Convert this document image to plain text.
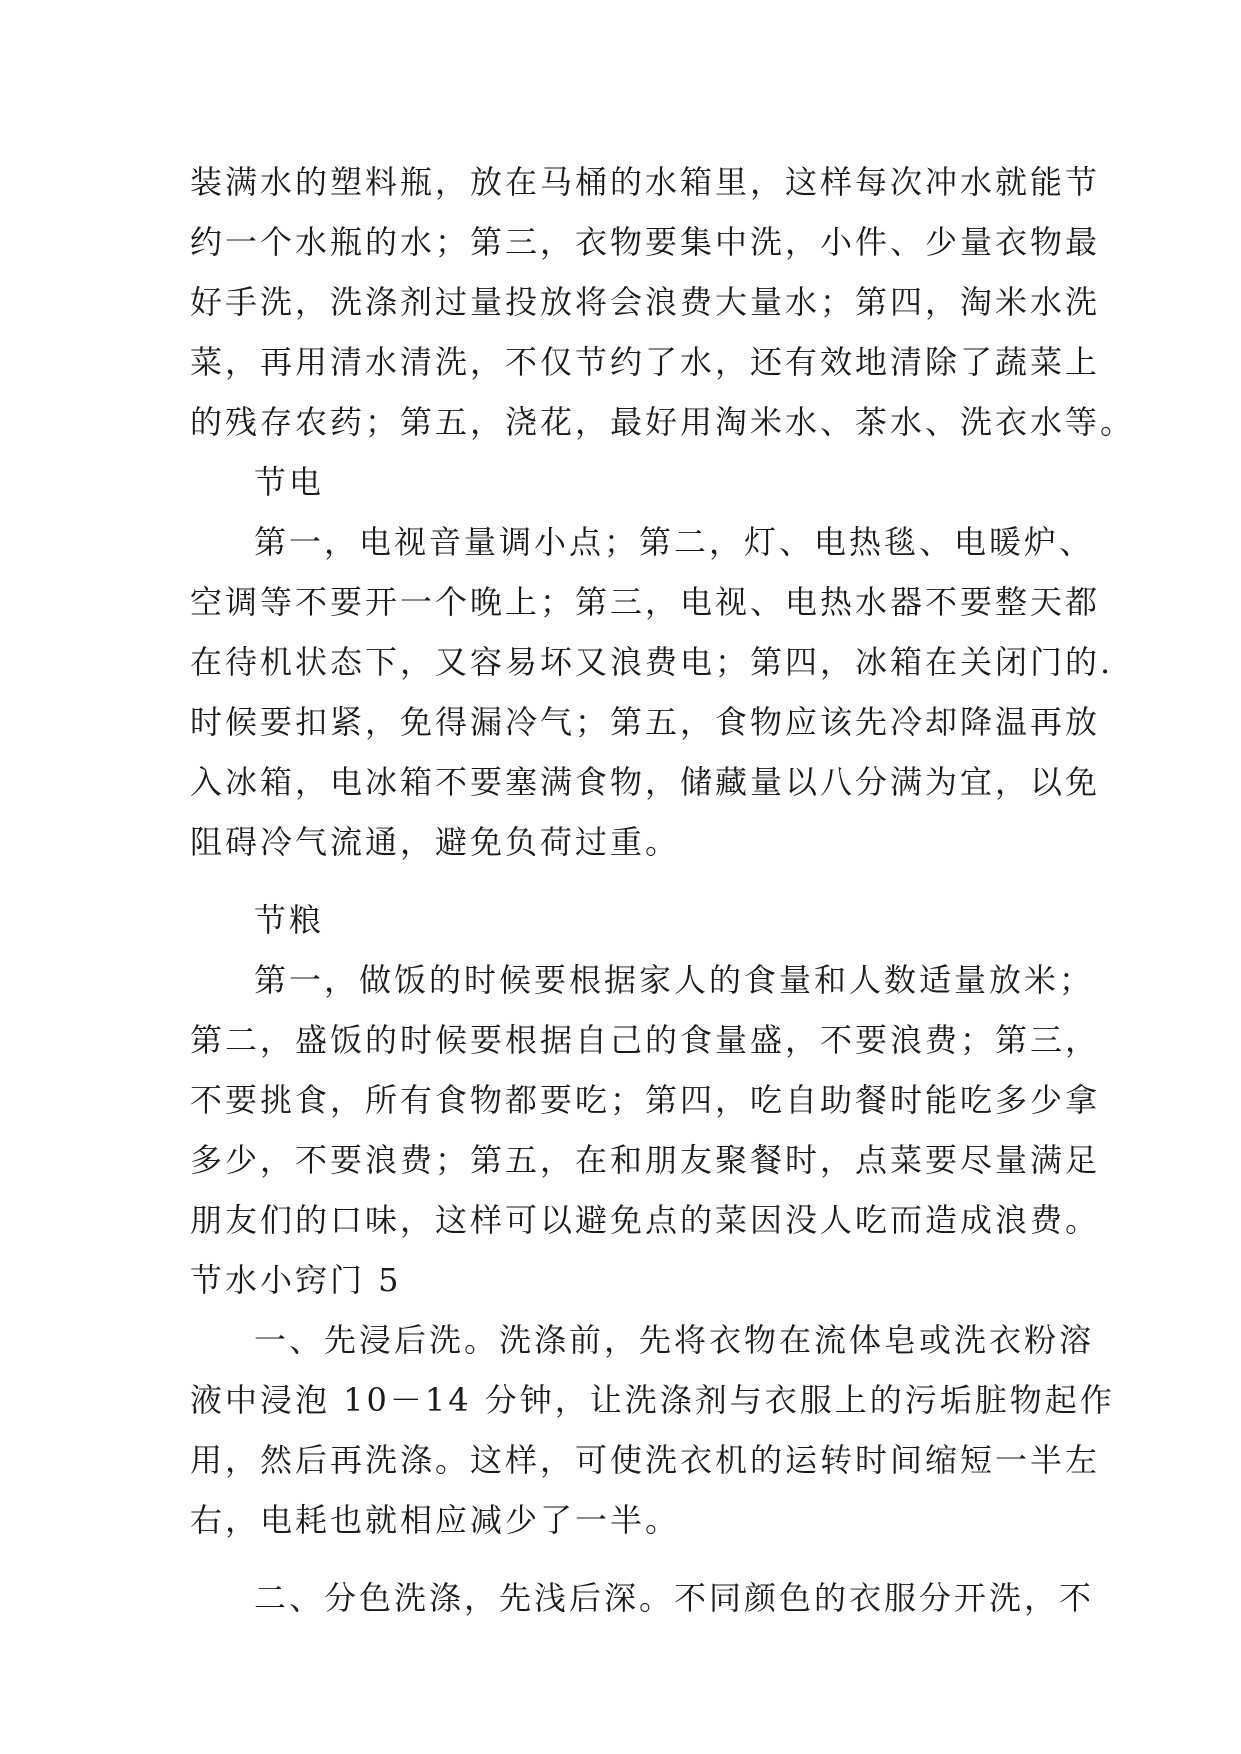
装满水的塑料瓶，放在马桶的水箱里，这样每次冲水就能节
约一个水瓶的水；第三，衣物要集中洗，小件、少量衣物最
好手洗，洗涤剂过量投放将会浪费大量水；第四，淘米水洗
菜，再用清水清洗，不仅节约了水，还有效地清除了蔬菜上
的残存农药；第五，浇花，最好用淘米水、茶水、洗衣水等。
节电
第一，电视音量调小点；第二，灯、电热毯、电暖炉、
空调等不要开一个晚上；第三，电视、电热水器不要整天都
在待机状态下，又容易坏又浪费电；第四，冰箱在关闭门的.
时候要扣紧，免得漏冷气；第五，食物应该先冷却降温再放
入冰箱，电冰箱不要塞满食物，储藏量以八分满为宜，以免
阻碍冷气流通，避免负荷过重。
节粮
第一，做饭的时候要根据家人的食量和人数适量放米；
第二，盛饭的时候要根据自己的食量盛，不要浪费；第三，
不要挑食，所有食物都要吃；第四，吃自助餐时能吃多少拿
多少，不要浪费；第五，在和朋友聚餐时，点菜要尽量满足
朋友们的口味，这样可以避免点的菜因没人吃而造成浪费。
节水小窍门 5
一、先浸后洗。洗涤前，先将衣物在流体皂或洗衣粉溶
液中浸泡 10－14 分钟，让洗涤剂与衣服上的污垢脏物起作
用，然后再洗涤。这样，可使洗衣机的运转时间缩短一半左
右，电耗也就相应减少了一半。
二、分色洗涤，先浅后深。不同颜色的衣服分开洗，不
